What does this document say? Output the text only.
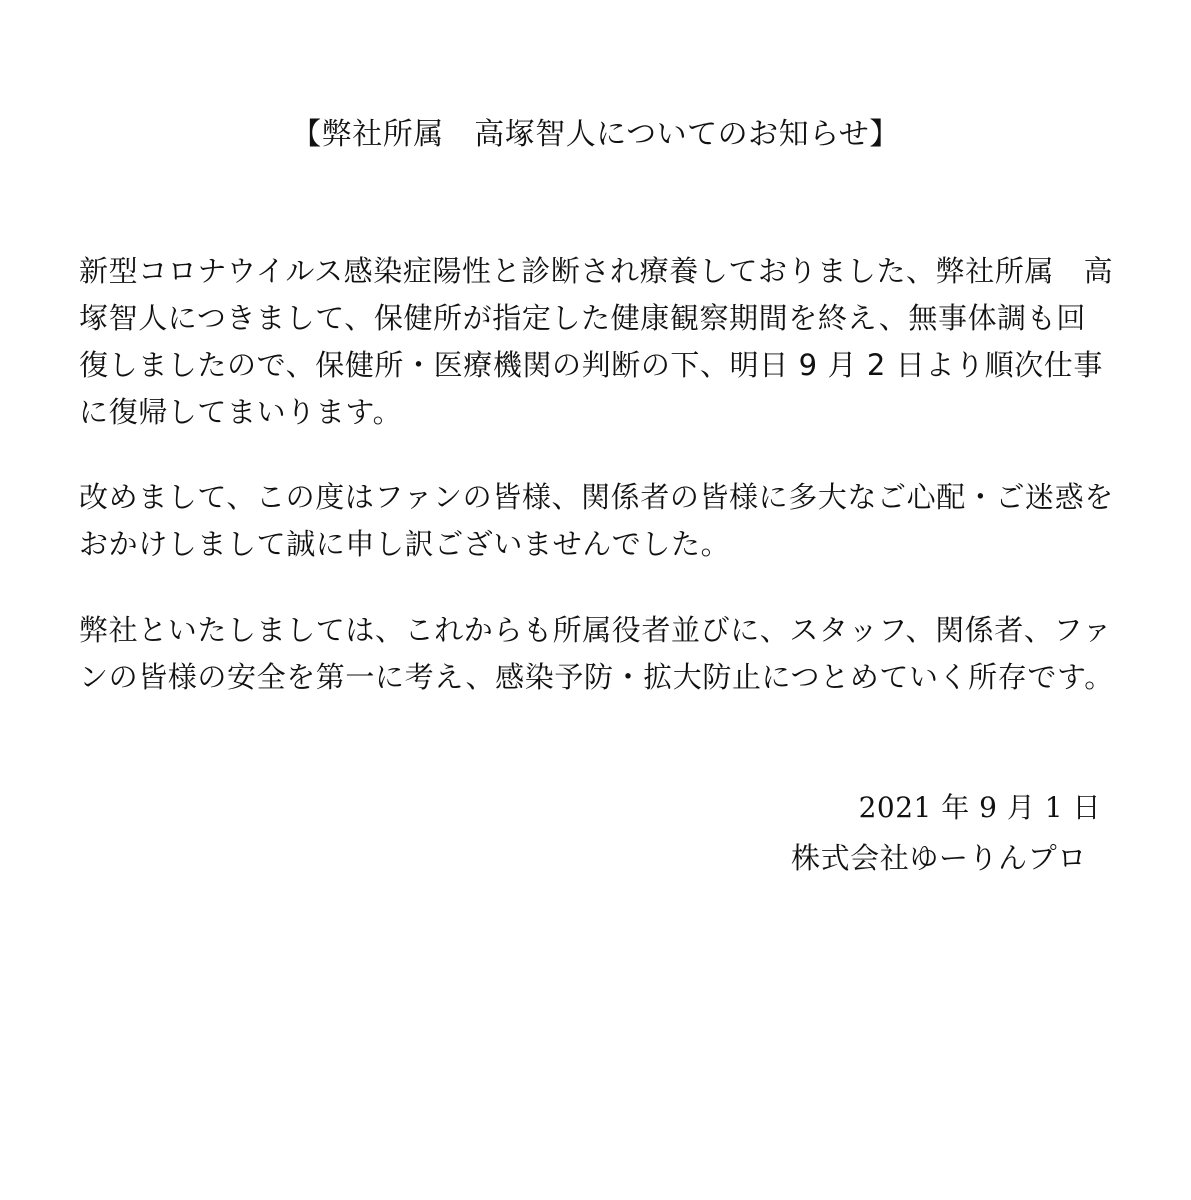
【弊社所属　高塚智人についてのお知らせ】
新型コロナウイルス感染症陽性と診断され療養しておりました、弊社所属　高
塚智人につきまして、保健所が指定した健康観察期間を終え、無事体調も回
復しましたので、保健所・医療機関の判断の下、明日 9 月 2 日より順次仕事
に復帰してまいります。
改めまして、この度はファンの皆様、関係者の皆様に多大なご心配・ご迷惑を
おかけしまして誠に申し訳ございませんでした。
弊社といたしましては、これからも所属役者並びに、スタッフ、関係者、ファ
ンの皆様の安全を第一に考え、感染予防・拡大防止につとめていく所存です。
2021 年 9 月 1 日
株式会社ゆーりんプロ
